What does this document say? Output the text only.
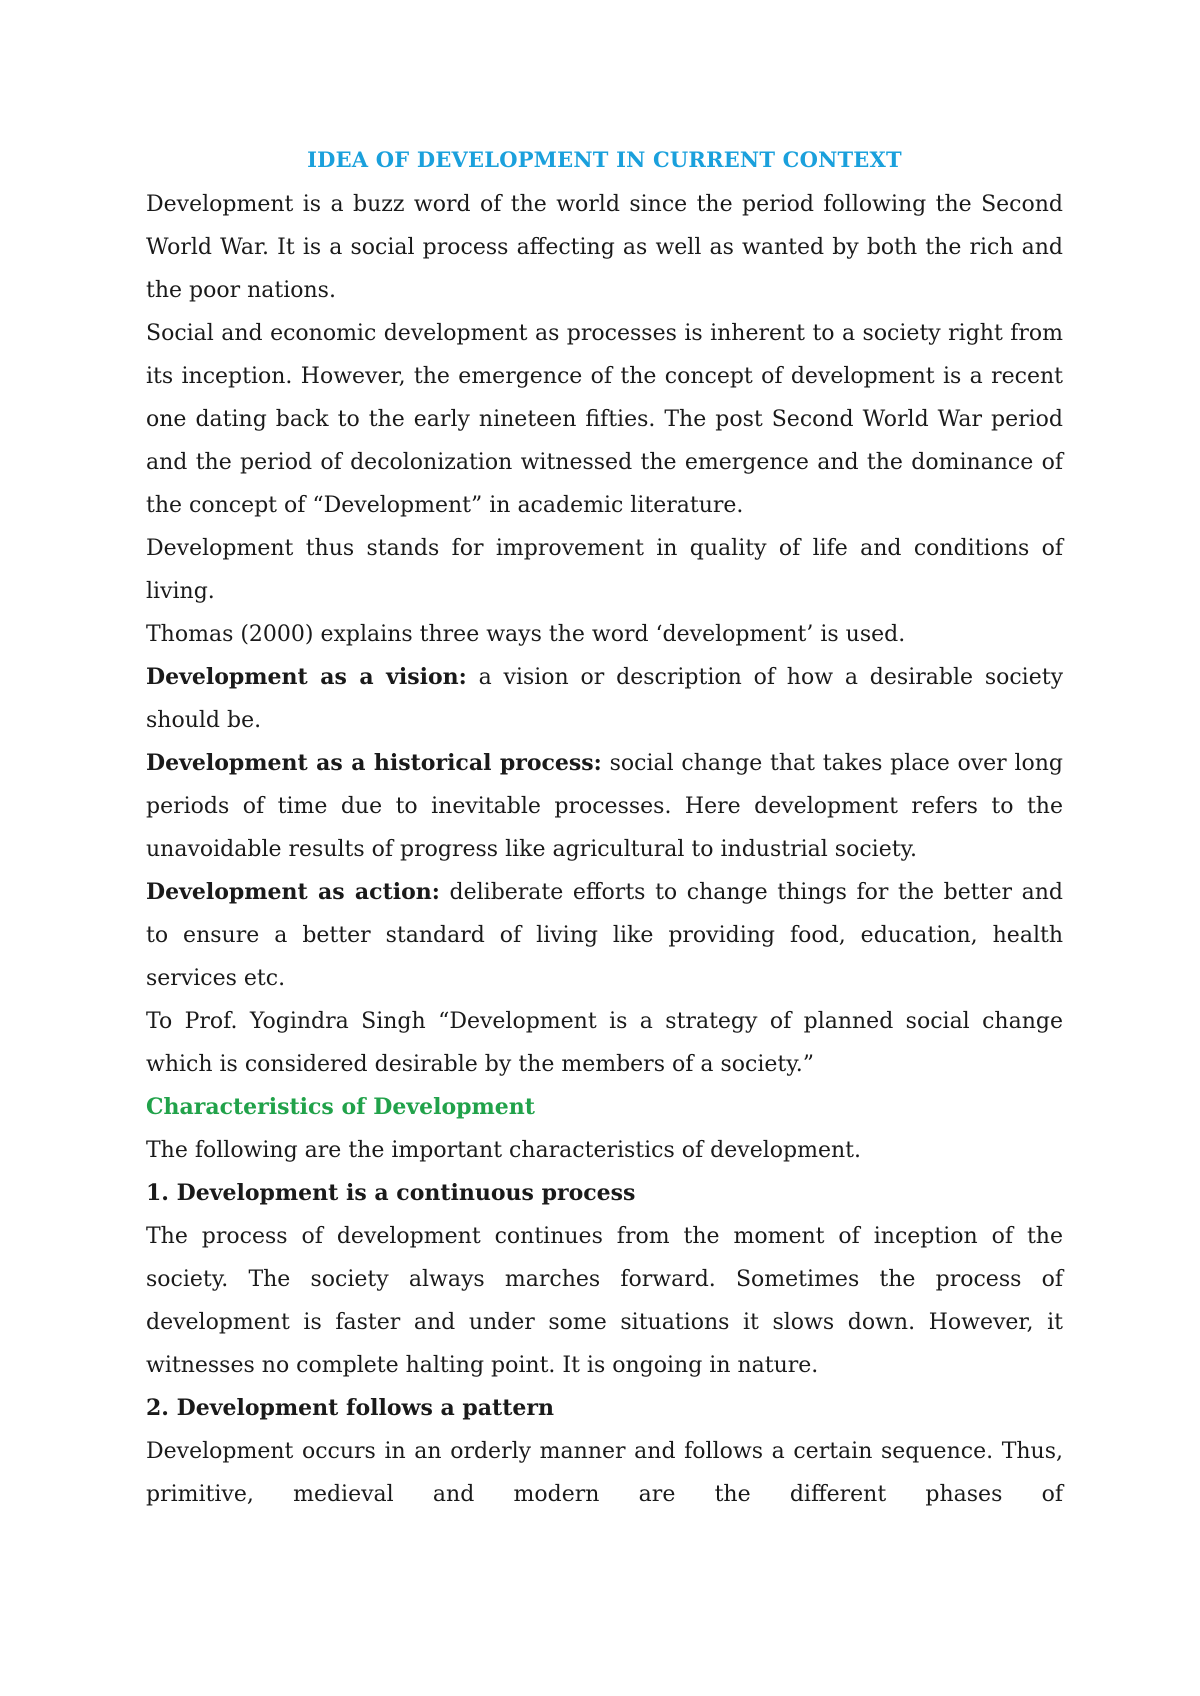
IDEA OF DEVELOPMENT IN CURRENT CONTEXT

Development is a buzz word of the world since the period following the Second World War. It is a social process affecting as well as wanted by both the rich and the poor nations.

Social and economic development as processes is inherent to a society right from its inception. However, the emergence of the concept of development is a recent one dating back to the early nineteen fifties. The post Second World War period and the period of decolonization witnessed the emergence and the dominance of the concept of “Development” in academic literature.

Development thus stands for improvement in quality of life and conditions of living.

Thomas (2000) explains three ways the word ‘development’ is used.

Development as a vision: a vision or description of how a desirable society should be.

Development as a historical process: social change that takes place over long periods of time due to inevitable processes. Here development refers to the unavoidable results of progress like agricultural to industrial society.

Development as action: deliberate efforts to change things for the better and to ensure a better standard of living like providing food, education, health services etc.

To Prof. Yogindra Singh “Development is a strategy of planned social change which is considered desirable by the members of a society.”

Characteristics of Development

The following are the important characteristics of development.

1. Development is a continuous process

The process of development continues from the moment of inception of the society. The society always marches forward. Sometimes the process of development is faster and under some situations it slows down. However, it witnesses no complete halting point. It is ongoing in nature.

2. Development follows a pattern

Development occurs in an orderly manner and follows a certain sequence. Thus, primitive, medieval and modern are the different phases of
